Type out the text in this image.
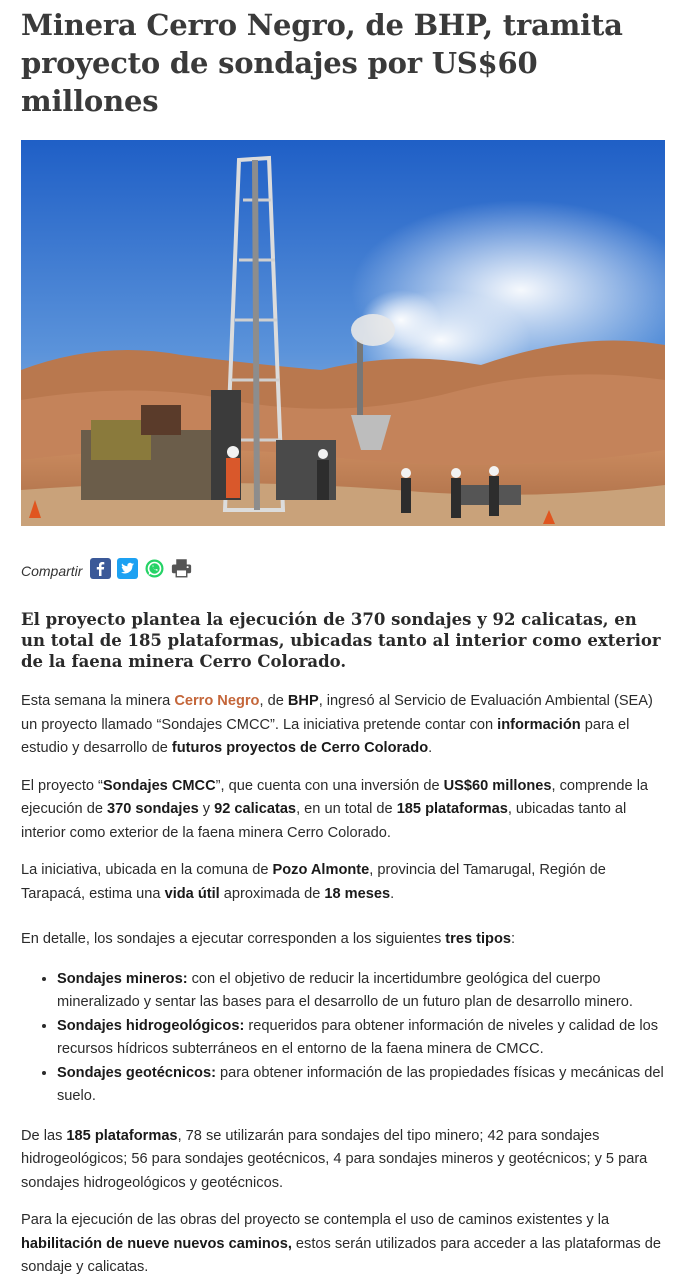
Minera Cerro Negro, de BHP, tramita proyecto de sondajes por US$60 millones
Compartir

El proyecto plantea la ejecución de 370 sondajes y 92 calicatas, en un total de 185 plataformas, ubicadas tanto al interior como exterior de la faena minera Cerro Colorado.

Esta semana la minera Cerro Negro, de BHP, ingresó al Servicio de Evaluación Ambiental (SEA) un proyecto llamado “Sondajes CMCC”. La iniciativa pretende contar con información para el estudio y desarrollo de futuros proyectos de Cerro Colorado.

El proyecto “Sondajes CMCC”, que cuenta con una inversión de US$60 millones, comprende la ejecución de 370 sondajes y 92 calicatas, en un total de 185 plataformas, ubicadas tanto al interior como exterior de la faena minera Cerro Colorado.

La iniciativa, ubicada en la comuna de Pozo Almonte, provincia del Tamarugal, Región de Tarapacá, estima una vida útil aproximada de 18 meses.

En detalle, los sondajes a ejecutar corresponden a los siguientes tres tipos:

• Sondajes mineros: con el objetivo de reducir la incertidumbre geológica del cuerpo mineralizado y sentar las bases para el desarrollo de un futuro plan de desarrollo minero.
• Sondajes hidrogeológicos: requeridos para obtener información de niveles y calidad de los recursos hídricos subterráneos en el entorno de la faena minera de CMCC.
• Sondajes geotécnicos: para obtener información de las propiedades físicas y mecánicas del suelo.

De las 185 plataformas, 78 se utilizarán para sondajes del tipo minero; 42 para sondajes hidrogeológicos; 56 para sondajes geotécnicos, 4 para sondajes mineros y geotécnicos; y 5 para sondajes hidrogeológicos y geotécnicos.

Para la ejecución de las obras del proyecto se contempla el uso de caminos existentes y la habilitación de nueve nuevos caminos, estos serán utilizados para acceder a las plataformas de sondaje y calicatas.
